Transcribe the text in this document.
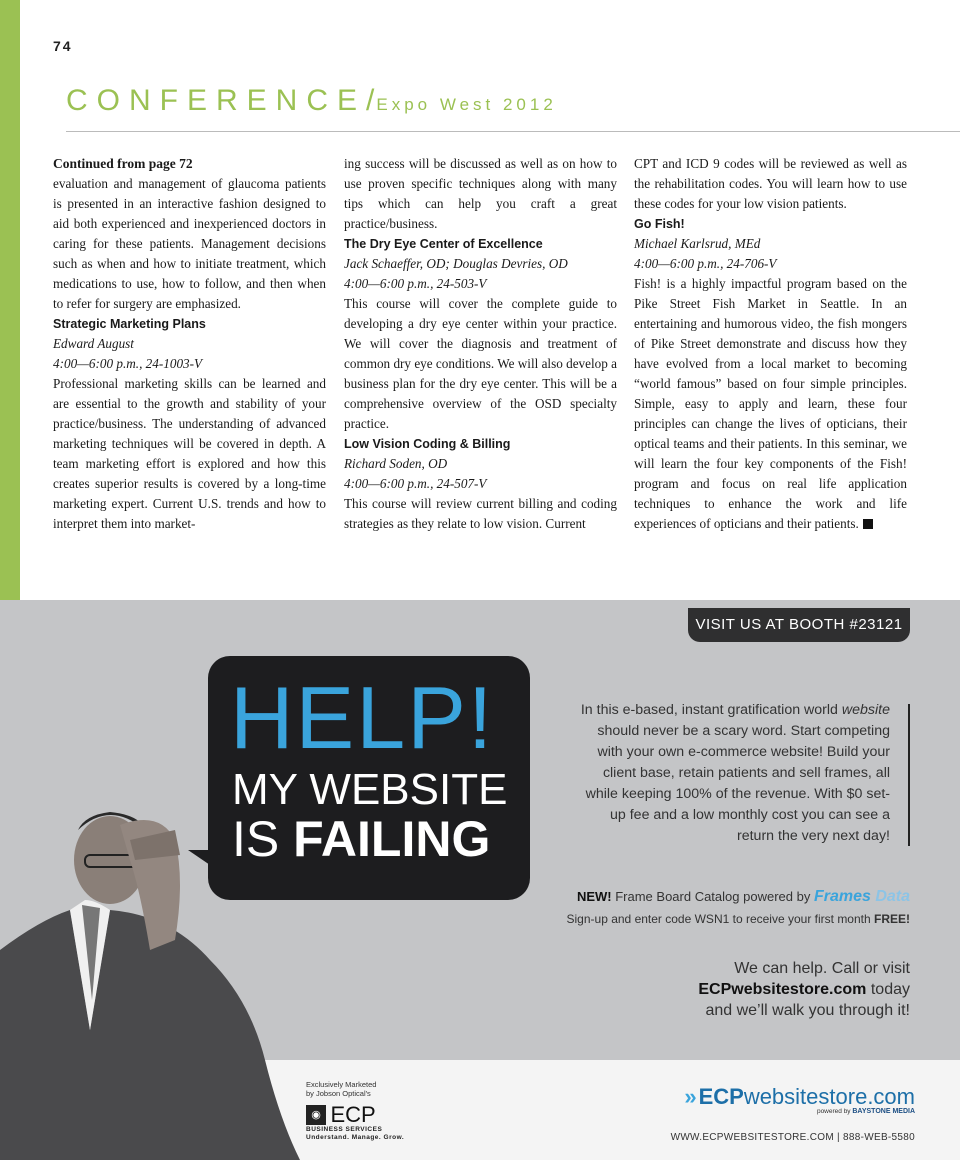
74
CONFERENCE/ Expo West 2012

Continued from page 72

evaluation and management of glaucoma patients is presented in an interactive fashion designed to aid both experienced and inexperienced doctors in caring for these patients. Management decisions such as when and how to initiate treatment, which medications to use, how to follow, and then when to refer for surgery are emphasized.

Strategic Marketing Plans

Edward August

4:00—6:00 p.m., 24-1003-V

Professional marketing skills can be learned and are essential to the growth and stability of your practice/business. The understanding of advanced marketing techniques will be covered in depth. A team marketing effort is explored and how this creates superior results is covered by a long-time marketing expert. Current U.S. trends and how to interpret them into market-

ing success will be discussed as well as on how to use proven specific techniques along with many tips which can help you craft a great practice/business.

The Dry Eye Center of Excellence

Jack Schaeffer, OD; Douglas Devries, OD

4:00—6:00 p.m., 24-503-V

This course will cover the complete guide to developing a dry eye center within your practice. We will cover the diagnosis and treatment of common dry eye conditions. We will also develop a business plan for the dry eye center. This will be a comprehensive overview of the OSD specialty practice.

Low Vision Coding & Billing

Richard Soden, OD

4:00—6:00 p.m., 24-507-V

This course will review current billing and coding strategies as they relate to low vision. Current

CPT and ICD 9 codes will be reviewed as well as the rehabilitation codes. You will learn how to use these codes for your low vision patients.

Go Fish!

Michael Karlsrud, MEd

4:00—6:00 p.m., 24-706-V

Fish! is a highly impactful program based on the Pike Street Fish Market in Seattle. In an entertaining and humorous video, the fish mongers of Pike Street demonstrate and discuss how they have evolved from a local market to becoming “world famous” based on four simple principles. Simple, easy to apply and learn, these four principles can change the lives of opticians, their optical teams and their patients. In this seminar, we will learn the four key components of the Fish! program and focus on real life application techniques to enhance the work and life experiences of opticians and their patients.

VISIT US AT BOOTH #23121
HELP!
MY WEBSITE
IS FAILING
In this e-based, instant gratification world website should never be a scary word. Start competing with your own e-commerce website! Build your client base, retain patients and sell frames, all while keeping 100% of the revenue. With $0 set-up fee and a low monthly cost you can see a return the very next day!
NEW! Frame Board Catalog powered by Frames Data
Sign-up and enter code WSN1 to receive your first month FREE!
We can help. Call or visit
ECPwebsitestore.com today
and we’ll walk you through it!
Exclusively Marketed
by Jobson Optical's
◉ ECP
BUSINESS SERVICES
Understand. Manage. Grow.
»ECPwebsitestore.com
powered by BAYSTONE MEDIA
WWW.ECPWEBSITESTORE.COM | 888-WEB-5580
